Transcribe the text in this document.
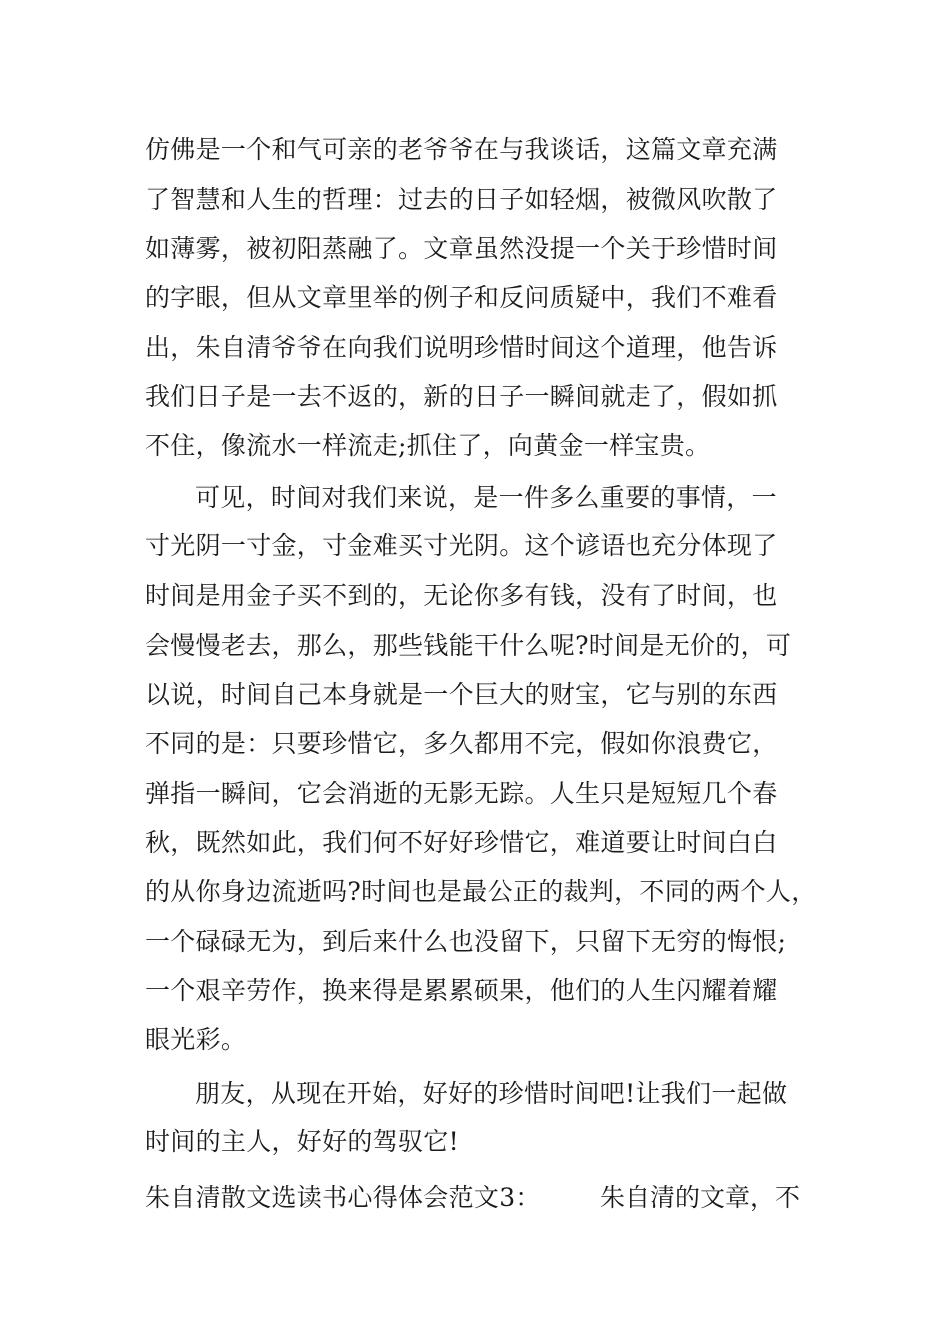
仿佛是一个和气可亲的老爷爷在与我谈话，这篇文章充满
了智慧和人生的哲理：过去的日子如轻烟，被微风吹散了
如薄雾，被初阳蒸融了。文章虽然没提一个关于珍惜时间
的字眼，但从文章里举的例子和反问质疑中，我们不难看
出，朱自清爷爷在向我们说明珍惜时间这个道理，他告诉
我们日子是一去不返的，新的日子一瞬间就走了，假如抓
不住，像流水一样流走;抓住了，向黄金一样宝贵。
可见，时间对我们来说，是一件多么重要的事情，一
寸光阴一寸金，寸金难买寸光阴。这个谚语也充分体现了
时间是用金子买不到的，无论你多有钱，没有了时间，也
会慢慢老去，那么，那些钱能干什么呢?时间是无价的，可
以说，时间自己本身就是一个巨大的财宝，它与别的东西
不同的是：只要珍惜它，多久都用不完，假如你浪费它，
弹指一瞬间，它会消逝的无影无踪。人生只是短短几个春
秋，既然如此，我们何不好好珍惜它，难道要让时间白白
的从你身边流逝吗?时间也是最公正的裁判，不同的两个人，
一个碌碌无为，到后来什么也没留下，只留下无穷的悔恨;
一个艰辛劳作，换来得是累累硕果，他们的人生闪耀着耀
眼光彩。
朋友，从现在开始，好好的珍惜时间吧!让我们一起做
时间的主人，好好的驾驭它!
朱自清散文选读书心得体会范文3： 朱自清的文章，不
